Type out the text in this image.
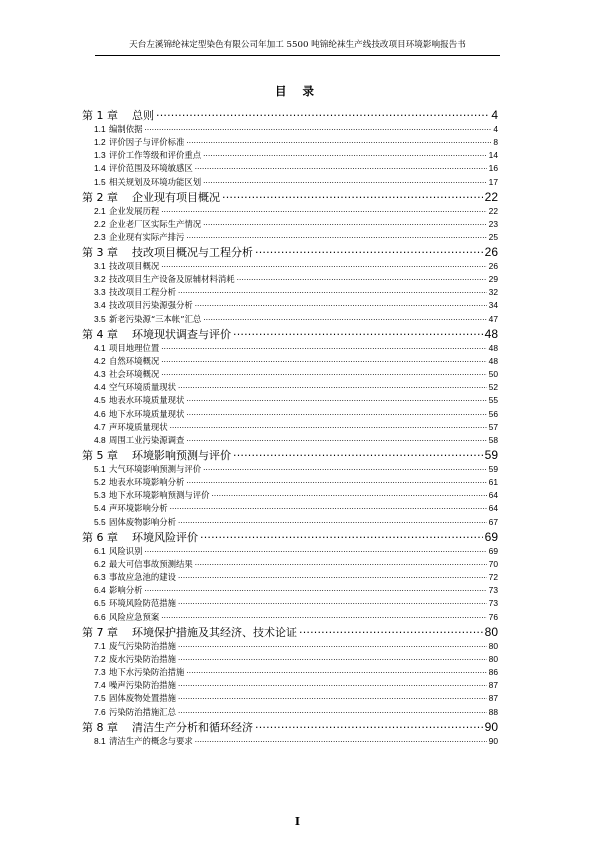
天台左溪锦纶袜定型染色有限公司年加工 5500 吨锦纶袜生产线技改项目环境影响报告书
目 录
第 1 章 总则 .....	4
1.1 编制依据 .....	4
1.2 评价因子与评价标准 .....	8
1.3 评价工作等级和评价重点 .....	14
1.4 评价范围及环境敏感区 .....	16
1.5 相关规划及环境功能区划 .....	17
第 2 章 企业现有项目概况 .....	22
2.1 企业发展历程 .....	22
2.2 企业老厂区实际生产情况 .....	23
2.3 企业现有实际产排污 .....	25
第 3 章 技改项目概况与工程分析 .....	26
3.1 技改项目概况 .....	26
3.2 技改项目生产设备及原辅材料消耗 .....	29
3.3 技改项目工程分析 .....	32
3.4 技改项目污染源强分析 .....	34
3.5 新老污染源“三本帐”汇总 .....	47
第 4 章 环境现状调查与评价 .....	48
4.1 项目地理位置 .....	48
4.2 自然环境概况 .....	48
4.3 社会环境概况 .....	50
4.4 空气环境质量现状 .....	52
4.5 地表水环境质量现状 .....	55
4.6 地下水环境质量现状 .....	56
4.7 声环境质量现状 .....	57
4.8 周围工业污染源调查 .....	58
第 5 章 环境影响预测与评价 .....	59
5.1 大气环境影响预测与评价 .....	59
5.2 地表水环境影响分析 .....	61
5.3 地下水环境影响预测与评价 .....	64
5.4 声环境影响分析 .....	64
5.5 固体废物影响分析 .....	67
第 6 章 环境风险评价 .....	69
6.1 风险识别 .....	69
6.2 最大可信事故预测结果 .....	70
6.3 事故应急池的建设 .....	72
6.4 影响分析 .....	73
6.5 环境风险防范措施 .....	73
6.6 风险应急预案 .....	76
第 7 章 环境保护措施及其经济、技术论证 .....	80
7.1 废气污染防治措施 .....	80
7.2 废水污染防治措施 .....	80
7.3 地下水污染防治措施 .....	86
7.4 噪声污染防治措施 .....	87
7.5 固体废物处置措施 .....	87
7.6 污染防治措施汇总 .....	88
第 8 章 清洁生产分析和循环经济 .....	90
8.1 清洁生产的概念与要求 .....	90
I
